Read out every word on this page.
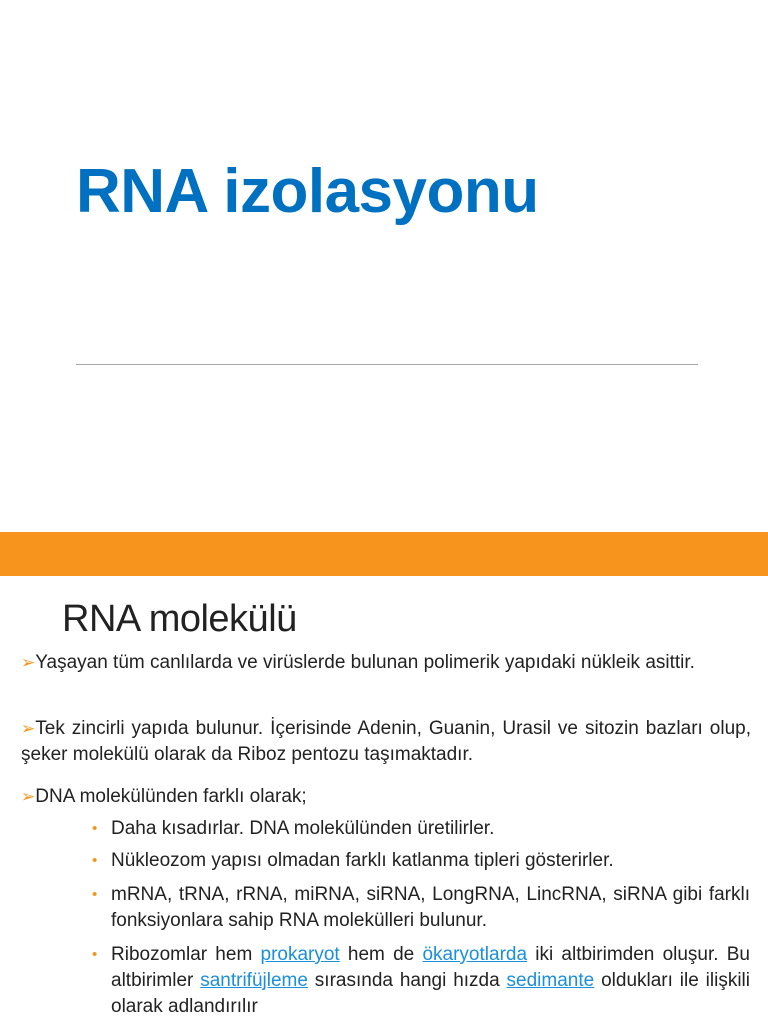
RNA izolasyonu
RNA molekülü
➢Yaşayan tüm canlılarda ve virüslerde bulunan polimerik yapıdaki nükleik asittir.
➢Tek zincirli yapıda bulunur. İçerisinde Adenin, Guanin, Urasil ve sitozin bazları olup, şeker molekülü olarak da Riboz pentozu taşımaktadır.
➢DNA molekülünden farklı olarak;
• Daha kısadırlar. DNA molekülünden üretilirler.
• Nükleozom yapısı olmadan farklı katlanma tipleri gösterirler.
• mRNA, tRNA, rRNA, miRNA, siRNA, LongRNA, LincRNA, siRNA gibi farklı fonksiyonlara sahip RNA molekülleri bulunur.
• Ribozomlar hem prokaryot hem de ökaryotlarda iki altbirimden oluşur. Bu altbirimler santrifüjleme sırasında hangi hızda sedimante oldukları ile ilişkili olarak adlandırılır
